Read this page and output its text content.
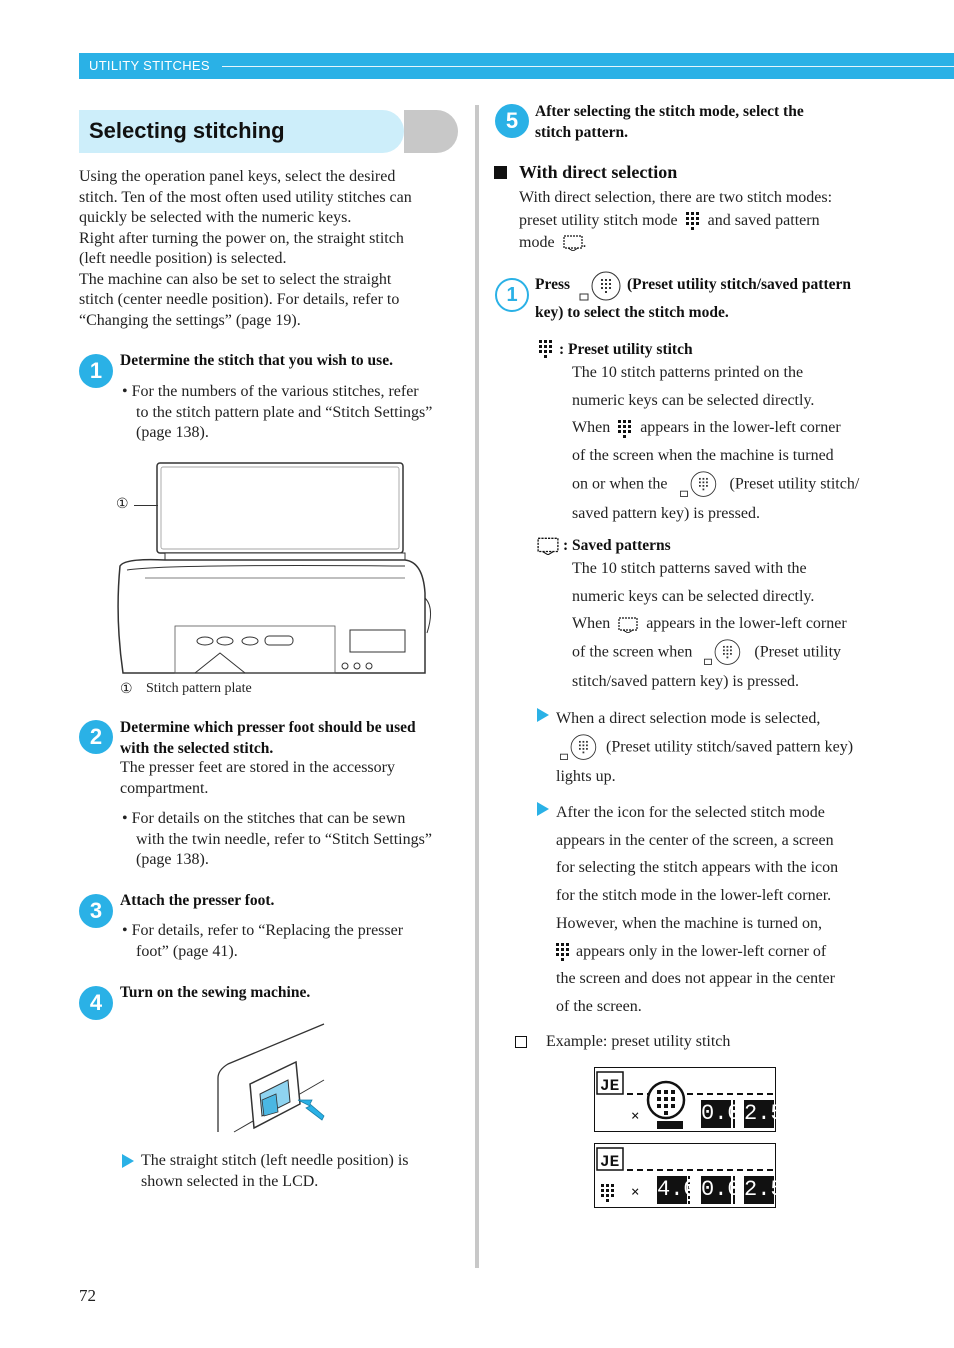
UTILITY STITCHES
Selecting stitching
Using the operation panel keys, select the desired
stitch. Ten of the most often used utility stitches can
quickly be selected with the numeric keys.
Right after turning the power on, the straight stitch
(left needle position) is selected.
The machine can also be set to select the straight
stitch (center needle position). For details, refer to
“Changing the settings” (page 19).
1	Determine the stitch that you wish to use.
• For the numbers of the various stitches, refer
to the stitch pattern plate and “Stitch Settings”
(page 138).
①
① Stitch pattern plate
2	Determine which presser foot should be used
with the selected stitch.
The presser feet are stored in the accessory
compartment.
• For details on the stitches that can be sewn
with the twin needle, refer to “Stitch Settings”
(page 138).
3	Attach the presser foot.
• For details, refer to “Replacing the presser
foot” (page 41).
4	Turn on the sewing machine.
The straight stitch (left needle position) is
shown selected in the LCD.
72
5	After selecting the stitch mode, select the
stitch pattern.
With direct selection
With direct selection, there are two stitch modes:
preset utility stitch mode and saved pattern
mode .
1	Press	(Preset utility stitch/saved pattern
key) to select the stitch mode.
: Preset utility stitch
The 10 stitch patterns printed on the
numeric keys can be selected directly.
When appears in the lower-left corner
of the screen when the machine is turned
on or when the	(Preset utility stitch/
saved pattern key) is pressed.
: Saved patterns
The 10 stitch patterns saved with the
numeric keys can be selected directly.
When appears in the lower-left corner
of the screen when	(Preset utility
stitch/saved pattern key) is pressed.
When a direct selection mode is selected,
(Preset utility stitch/saved pattern key)
lights up.
After the icon for the selected stitch mode
appears in the center of the screen, a screen
for selecting the stitch appears with the icon
for the stitch mode in the lower-left corner.
However, when the machine is turned on,
appears only in the lower-left corner of
the screen and does not appear in the center
of the screen.
Example: preset utility stitch
JE
⨯	0.0 2.5
JE
⨯ 4.0 0.0 2.5
